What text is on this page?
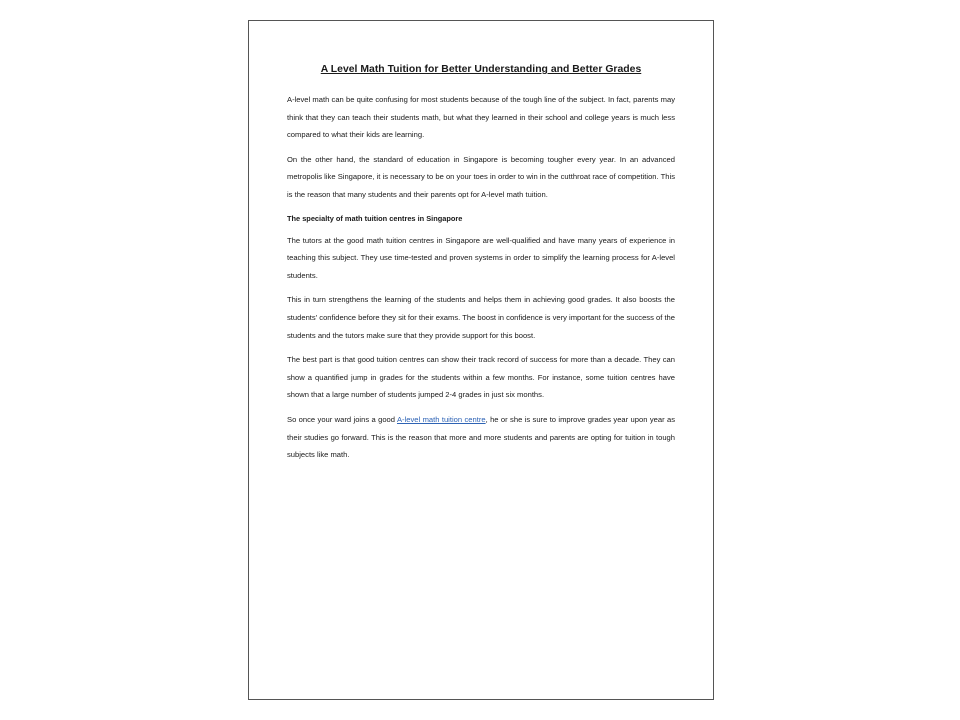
A Level Math Tuition for Better Understanding and Better Grades

A-level math can be quite confusing for most students because of the tough line of the subject. In fact, parents may think that they can teach their students math, but what they learned in their school and college years is much less compared to what their kids are learning.

On the other hand, the standard of education in Singapore is becoming tougher every year. In an advanced metropolis like Singapore, it is necessary to be on your toes in order to win in the cutthroat race of competition. This is the reason that many students and their parents opt for A-level math tuition.

The specialty of math tuition centres in Singapore

The tutors at the good math tuition centres in Singapore are well-qualified and have many years of experience in teaching this subject. They use time-tested and proven systems in order to simplify the learning process for A-level students.

This in turn strengthens the learning of the students and helps them in achieving good grades. It also boosts the students' confidence before they sit for their exams. The boost in confidence is very important for the success of the students and the tutors make sure that they provide support for this boost.

The best part is that good tuition centres can show their track record of success for more than a decade. They can show a quantified jump in grades for the students within a few months. For instance, some tuition centres have shown that a large number of students jumped 2-4 grades in just six months.

So once your ward joins a good A-level math tuition centre, he or she is sure to improve grades year upon year as their studies go forward. This is the reason that more and more students and parents are opting for tuition in tough subjects like math.
